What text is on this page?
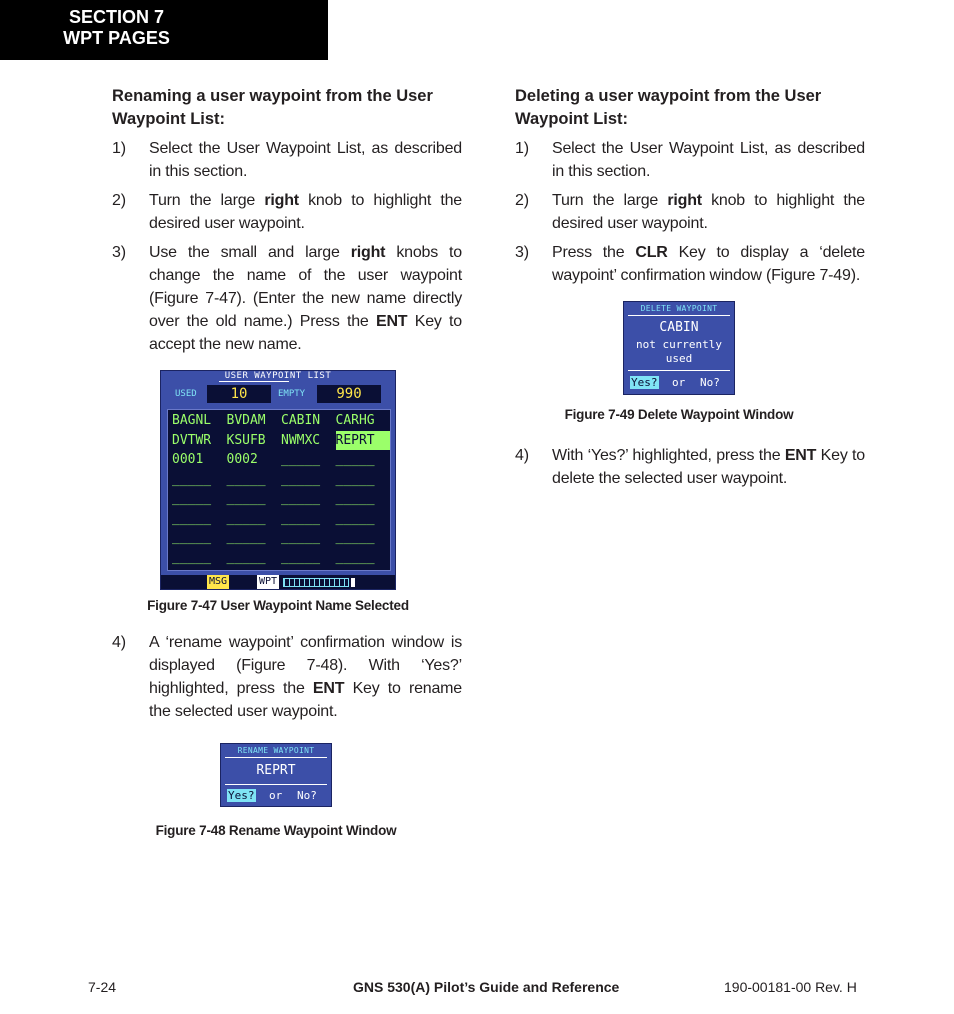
SECTION 7
WPT PAGES
Renaming a user waypoint from the User Waypoint List:
1) Select the User Waypoint List, as described in this section.
2) Turn the large right knob to highlight the desired user waypoint.
3) Use the small and large right knobs to change the name of the user waypoint (Figure 7-47). (Enter the new name directly over the old name.) Press the ENT Key to accept the new name.
USER WAYPOINT LIST
USED	10	EMPTY	990
BAGNL	BVDAM	CABIN	CARHG
DVTWR	KSUFB	NWMXC	REPRT
0001	0002	_____	_____
_____	_____	_____	_____
_____	_____	_____	_____
_____	_____	_____	_____
_____	_____	_____	_____
_____	_____	_____	_____
MSG	WPT
Figure 7-47 User Waypoint Name Selected
4) A ‘rename waypoint’ confirmation window is displayed (Figure 7-48). With ‘Yes?’ highlighted, press the ENT Key to rename the selected user waypoint.
RENAME WAYPOINT
REPRT
Yes? or No?
Figure 7-48 Rename Waypoint Window
Deleting a user waypoint from the User Waypoint List:
1) Select the User Waypoint List, as described in this section.
2) Turn the large right knob to highlight the desired user waypoint.
3) Press the CLR Key to display a ‘delete waypoint’ confirmation window (Figure 7-49).
DELETE WAYPOINT
CABIN
not currently
used
Yes? or No?
Figure 7-49 Delete Waypoint Window
4) With ‘Yes?’ highlighted, press the ENT Key to delete the selected user waypoint.
7-24	GNS 530(A) Pilot’s Guide and Reference	190-00181-00 Rev. H
